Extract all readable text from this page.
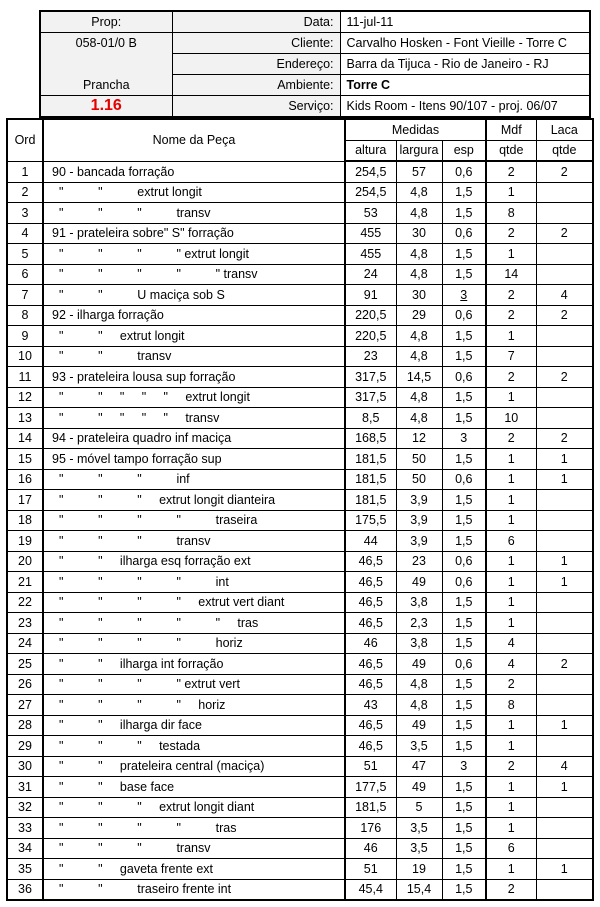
Prop:	Data:	11-jul-11
058-01/0 B	Cliente:	Carvalho Hosken - Font Vieille - Torre C
	Endereço:	Barra da Tijuca - Rio de Janeiro - RJ
Prancha	Ambiente:	Torre C
1.16	Serviço:	Kids Room - Itens 90/107 - proj. 06/07
Ord	Nome da Peça	Medidas			Mdf	Laca
		altura	largura	esp	qtde	qtde
1	90 - bancada forração	254,5	57	0,6	2	2
2	"          "          extrut longit	254,5	4,8	1,5	1	
3	"          "          "          transv	53	4,8	1,5	8	
4	91 - prateleira sobre" S" forração	455	30	0,6	2	2
5	"          "          "          " extrut longit	455	4,8	1,5	1	
6	"          "          "          "          " transv	24	4,8	1,5	14	
7	"          "          U maciça sob S	91	30	3	2	4
8	92 - ilharga forração	220,5	29	0,6	2	2
9	"          "     extrut longit	220,5	4,8	1,5	1	
10	"          "          transv	23	4,8	1,5	7	
11	93 - prateleira lousa sup forração	317,5	14,5	0,6	2	2
12	"          "     "     "     "     extrut longit	317,5	4,8	1,5	1	
13	"          "     "     "     "     transv	8,5	4,8	1,5	10	
14	94 - prateleira quadro inf maciça	168,5	12	3	2	2
15	95 - móvel tampo forração sup	181,5	50	1,5	1	1
16	"          "          "          inf	181,5	50	0,6	1	1
17	"          "          "     extrut longit dianteira	181,5	3,9	1,5	1	
18	"          "          "          "          traseira	175,5	3,9	1,5	1	
19	"          "          "          transv	44	3,9	1,5	6	
20	"          "     ilharga esq forração ext	46,5	23	0,6	1	1
21	"          "          "          "          int	46,5	49	0,6	1	1
22	"          "          "          "     extrut vert diant	46,5	3,8	1,5	1	
23	"          "          "          "          "     tras	46,5	2,3	1,5	1	
24	"          "          "          "          horiz	46	3,8	1,5	4	
25	"          "     ilharga int forração	46,5	49	0,6	4	2
26	"          "          "          " extrut vert	46,5	4,8	1,5	2	
27	"          "          "          "     horiz	43	4,8	1,5	8	
28	"          "     ilharga dir face	46,5	49	1,5	1	1
29	"          "          "     testada	46,5	3,5	1,5	1	
30	"          "     prateleira central (maciça)	51	47	3	2	4
31	"          "     base face	177,5	49	1,5	1	1
32	"          "          "     extrut longit diant	181,5	5	1,5	1	
33	"          "          "          "          tras	176	3,5	1,5	1	
34	"          "          "          transv	46	3,5	1,5	6	
35	"          "     gaveta frente ext	51	19	1,5	1	1
36	"          "          traseiro frente int	45,4	15,4	1,5	2	
